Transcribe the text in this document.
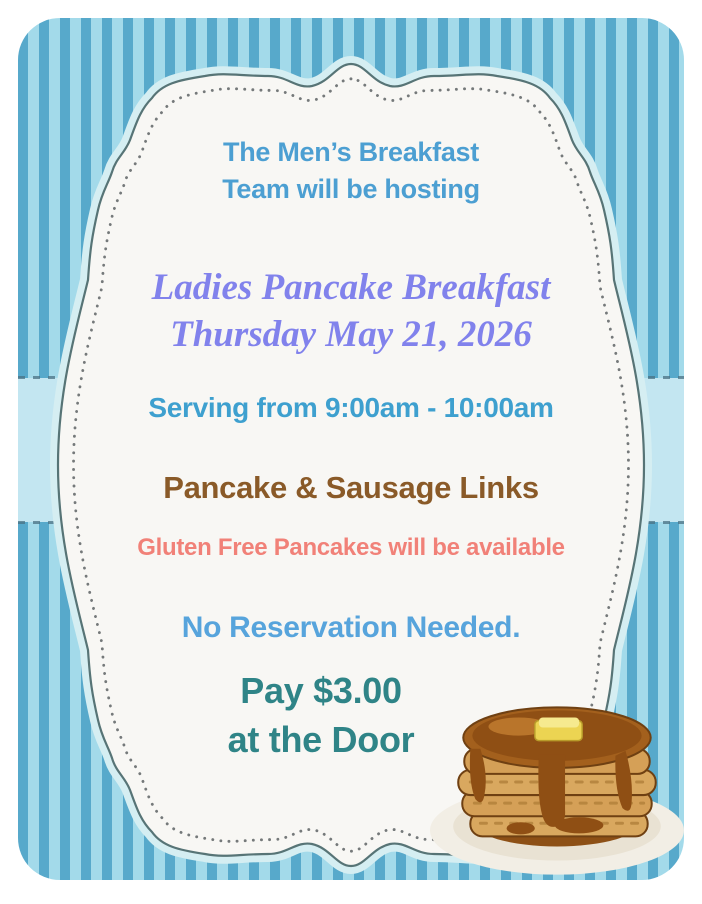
The Men’s Breakfast
Team will be hosting
Ladies Pancake Breakfast
Thursday May 21, 2026
Serving from 9:00am - 10:00am
Pancake & Sausage Links
Gluten Free Pancakes will be available
No Reservation Needed.
Pay $3.00
at the Door
